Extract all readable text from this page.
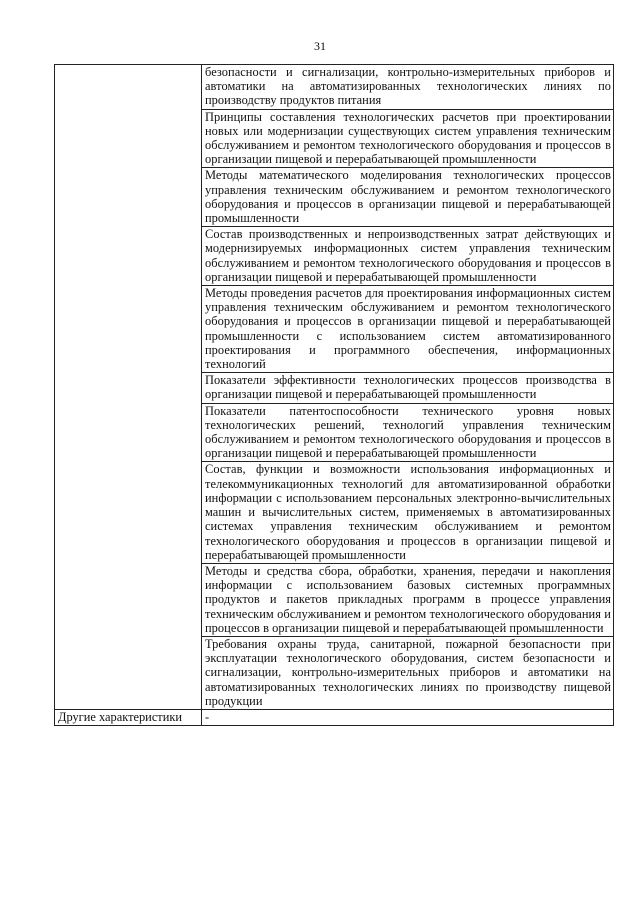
31

	безопасности и сигнализации, контрольно-измерительных приборов и автоматики на автоматизированных технологических линиях по производству продуктов питания

	Принципы составления технологических расчетов при проектировании новых или модернизации существующих систем управления техническим обслуживанием и ремонтом технологического оборудования и процессов в организации пищевой и перерабатывающей промышленности

	Методы математического моделирования технологических процессов управления техническим обслуживанием и ремонтом технологического оборудования и процессов в организации пищевой и перерабатывающей промышленности

	Состав производственных и непроизводственных затрат действующих и модернизируемых информационных систем управления техническим обслуживанием и ремонтом технологического оборудования и процессов в организации пищевой и перерабатывающей промышленности

	Методы проведения расчетов для проектирования информационных систем управления техническим обслуживанием и ремонтом технологического оборудования и процессов в организации пищевой и перерабатывающей промышленности с использованием систем автоматизированного проектирования и программного обеспечения, информационных технологий

	Показатели эффективности технологических процессов производства в организации пищевой и перерабатывающей промышленности

	Показатели патентоспособности технического уровня новых технологических решений, технологий управления техническим обслуживанием и ремонтом технологического оборудования и процессов в организации пищевой и перерабатывающей промышленности

	Состав, функции и возможности использования информационных и телекоммуникационных технологий для автоматизированной обработки информации с использованием персональных электронно-вычислительных машин и вычислительных систем, применяемых в автоматизированных системах управления техническим обслуживанием и ремонтом технологического оборудования и процессов в организации пищевой и перерабатывающей промышленности

	Методы и средства сбора, обработки, хранения, передачи и накопления информации с использованием базовых системных программных продуктов и пакетов прикладных программ в процессе управления техническим обслуживанием и ремонтом технологического оборудования и процессов в организации пищевой и перерабатывающей промышленности

	Требования охраны труда, санитарной, пожарной безопасности при эксплуатации технологического оборудования, систем безопасности и сигнализации, контрольно-измерительных приборов и автоматики на автоматизированных технологических линиях по производству пищевой продукции

Другие характеристики	-
